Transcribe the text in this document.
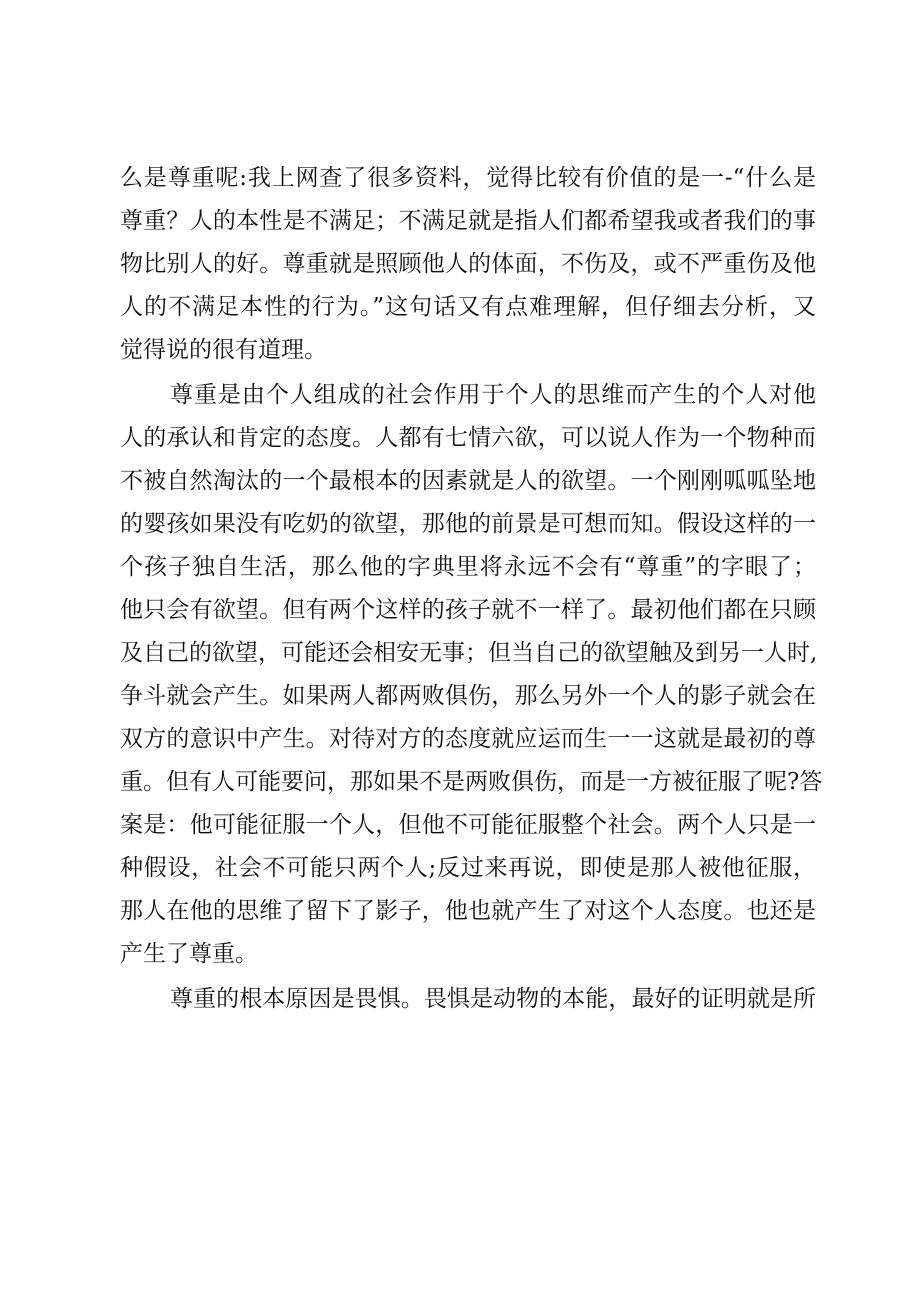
么是尊重呢:我上网查了很多资料，觉得比较有价值的是一-“什么是
尊重？人的本性是不满足；不满足就是指人们都希望我或者我们的事
物比别人的好。尊重就是照顾他人的体面，不伤及，或不严重伤及他
人的不满足本性的行为。”这句话又有点难理解，但仔细去分析，又
觉得说的很有道理。
尊重是由个人组成的社会作用于个人的思维而产生的个人对他
人的承认和肯定的态度。人都有七情六欲，可以说人作为一个物种而
不被自然淘汰的一个最根本的因素就是人的欲望。一个刚刚呱呱坠地
的婴孩如果没有吃奶的欲望，那他的前景是可想而知。假设这样的一
个孩子独自生活，那么他的字典里将永远不会有“尊重”的字眼了；
他只会有欲望。但有两个这样的孩子就不一样了。最初他们都在只顾
及自己的欲望，可能还会相安无事；但当自己的欲望触及到另一人时,
争斗就会产生。如果两人都两败俱伤，那么另外一个人的影子就会在
双方的意识中产生。对待对方的态度就应运而生一一这就是最初的尊
重。但有人可能要问，那如果不是两败俱伤，而是一方被征服了呢?答
案是：他可能征服一个人，但他不可能征服整个社会。两个人只是一
种假设，社会不可能只两个人;反过来再说，即使是那人被他征服，
那人在他的思维了留下了影子，他也就产生了对这个人态度。也还是
产生了尊重。
尊重的根本原因是畏惧。畏惧是动物的本能，最好的证明就是所
